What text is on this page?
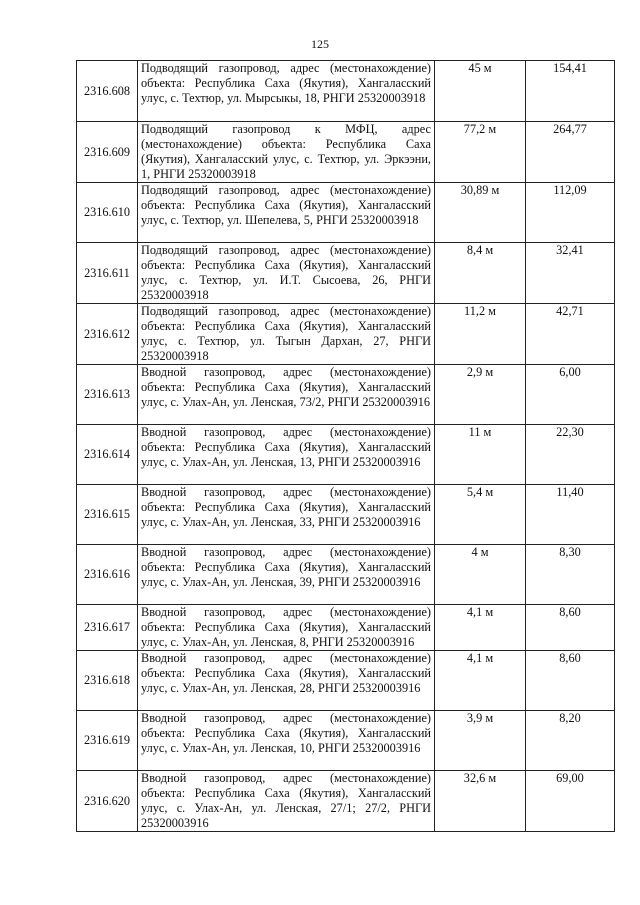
125
2316.608	Подводящий газопровод, адрес (местонахождение) объекта: Республика Саха (Якутия), Хангаласский улус, с. Техтюр, ул. Мырсыкы, 18, РНГИ 25320003918	45 м	154,41
2316.609	Подводящий газопровод к МФЦ, адрес (местонахождение) объекта: Республика Саха (Якутия), Хангаласский улус, с. Техтюр, ул. Эркээни, 1, РНГИ 25320003918	77,2 м	264,77
2316.610	Подводящий газопровод, адрес (местонахождение) объекта: Республика Саха (Якутия), Хангаласский улус, с. Техтюр, ул. Шепелева, 5, РНГИ 25320003918	30,89 м	112,09
2316.611	Подводящий газопровод, адрес (местонахождение) объекта: Республика Саха (Якутия), Хангаласский улус, с. Техтюр, ул. И.Т. Сысоева, 26, РНГИ 25320003918	8,4 м	32,41
2316.612	Подводящий газопровод, адрес (местонахождение) объекта: Республика Саха (Якутия), Хангаласский улус, с. Техтюр, ул. Тыгын Дархан, 27, РНГИ 25320003918	11,2 м	42,71
2316.613	Вводной газопровод, адрес (местонахождение) объекта: Республика Саха (Якутия), Хангаласский улус, с. Улах-Ан, ул. Ленская, 73/2, РНГИ 25320003916	2,9 м	6,00
2316.614	Вводной газопровод, адрес (местонахождение) объекта: Республика Саха (Якутия), Хангаласский улус, с. Улах-Ан, ул. Ленская, 13, РНГИ 25320003916	11 м	22,30
2316.615	Вводной газопровод, адрес (местонахождение) объекта: Республика Саха (Якутия), Хангаласский улус, с. Улах-Ан, ул. Ленская, 33, РНГИ 25320003916	5,4 м	11,40
2316.616	Вводной газопровод, адрес (местонахождение) объекта: Республика Саха (Якутия), Хангаласский улус, с. Улах-Ан, ул. Ленская, 39, РНГИ 25320003916	4 м	8,30
2316.617	Вводной газопровод, адрес (местонахождение) объекта: Республика Саха (Якутия), Хангаласский улус, с. Улах-Ан, ул. Ленская, 8, РНГИ 25320003916	4,1 м	8,60
2316.618	Вводной газопровод, адрес (местонахождение) объекта: Республика Саха (Якутия), Хангаласский улус, с. Улах-Ан, ул. Ленская, 28, РНГИ 25320003916	4,1 м	8,60
2316.619	Вводной газопровод, адрес (местонахождение) объекта: Республика Саха (Якутия), Хангаласский улус, с. Улах-Ан, ул. Ленская, 10, РНГИ 25320003916	3,9 м	8,20
2316.620	Вводной газопровод, адрес (местонахождение) объекта: Республика Саха (Якутия), Хангаласский улус, с. Улах-Ан, ул. Ленская, 27/1; 27/2, РНГИ 25320003916	32,6 м	69,00
